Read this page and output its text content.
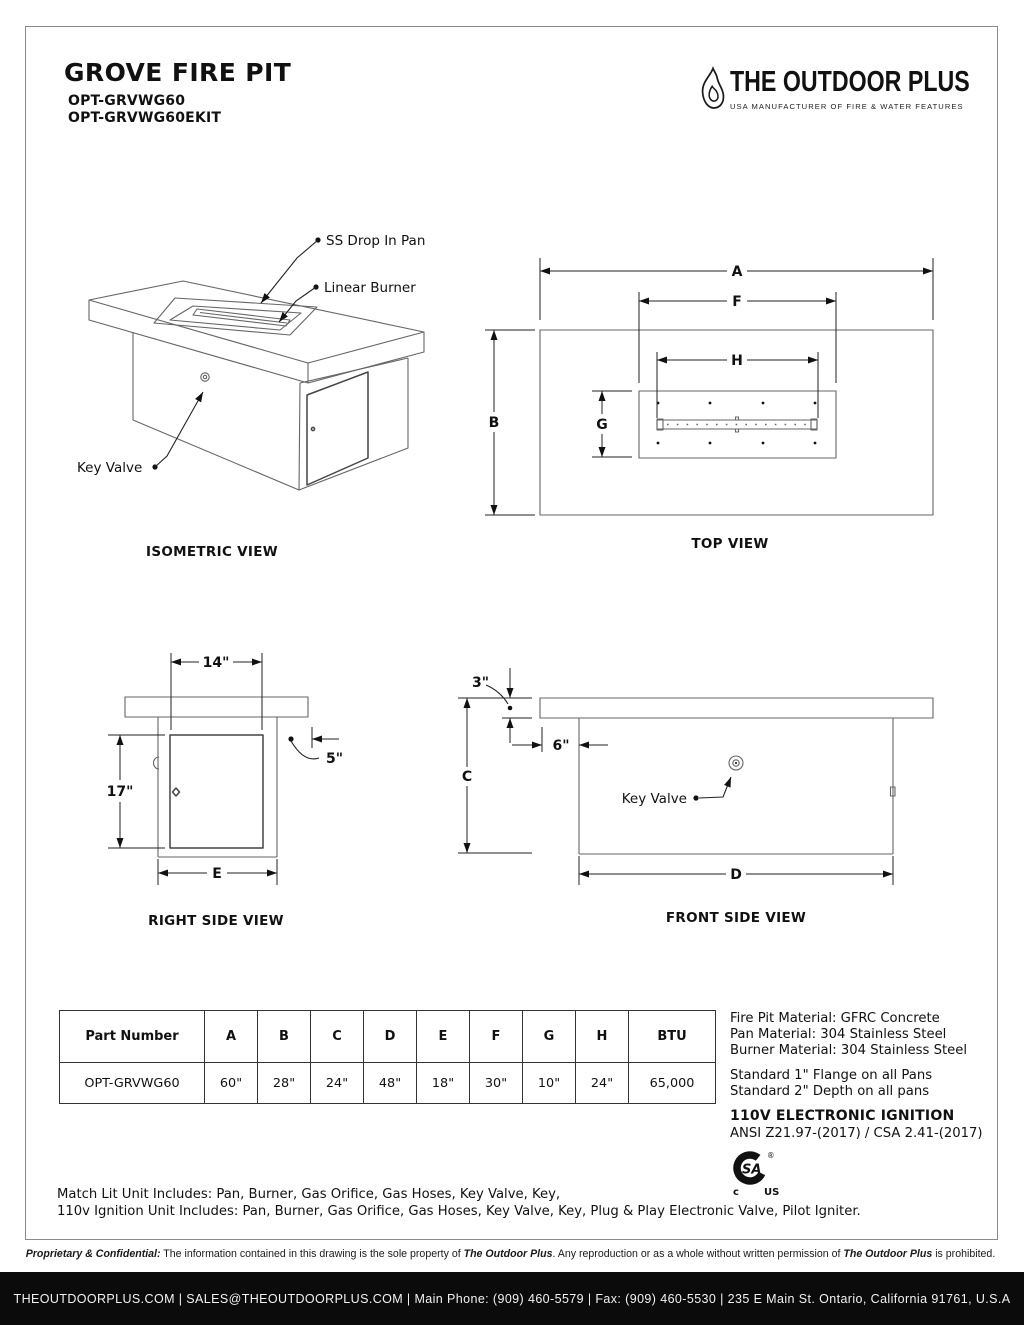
GROVE FIRE PIT
OPT-GRVWG60
OPT-GRVWG60EKIT
THE OUTDOOR PLUS
USA MANUFACTURER OF FIRE & WATER FEATURES
SS Drop In Pan
Linear Burner
Key Valve
ISOMETRIC VIEW
A
F
H
B	G
TOP VIEW
14"
17"
E
5"
RIGHT SIDE VIEW
3"
6"
C
D
Key Valve
FRONT SIDE VIEW
Part Number	A	B	C	D	E	F	G	H	BTU
OPT-GRVWG60	60"	28"	24"	48"	18"	30"	10"	24"	65,000
Fire Pit Material: GFRC Concrete
Pan Material: 304 Stainless Steel
Burner Material: 304 Stainless Steel
Standard 1" Flange on all Pans
Standard 2" Depth on all pans
110V ELECTRONIC IGNITION
ANSI Z21.97-(2017) / CSA 2.41-(2017)
SA
®
c	US
Match Lit Unit Includes: Pan, Burner, Gas Orifice, Gas Hoses, Key Valve, Key,
110v Ignition Unit Includes: Pan, Burner, Gas Orifice, Gas Hoses, Key Valve, Key, Plug & Play Electronic Valve, Pilot Igniter.
Proprietary & Confidential: The information contained in this drawing is the sole property of The Outdoor Plus. Any reproduction or as a whole without written permission of The Outdoor Plus is prohibited.
THEOUTDOORPLUS.COM | SALES@THEOUTDOORPLUS.COM | Main Phone: (909) 460-5579 | Fax: (909) 460-5530 | 235 E Main St. Ontario, California 91761, U.S.A
